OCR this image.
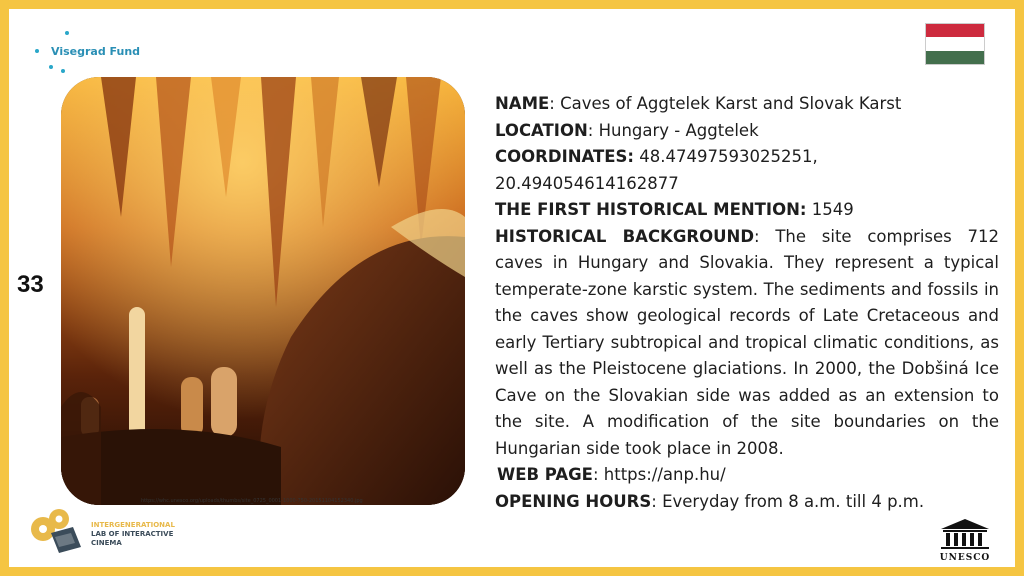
Visegrad Fund
33
https://whc.unesco.org/uploads/thumbs/site_0725_0001-1000-750-20151104152340.jpg

NAME: Caves of Aggtelek Karst and Slovak Karst

LOCATION: Hungary - Aggtelek

COORDINATES: 48.47497593025251, 20.494054614162877

THE FIRST HISTORICAL MENTION: 1549

HISTORICAL BACKGROUND: The site comprises 712 caves in Hungary and Slovakia. They represent a typical temperate-zone karstic system. The sediments and fossils in the caves show geological records of Late Cretaceous and early Tertiary subtropical and tropical climatic conditions, as well as the Pleistocene glaciations. In 2000, the Dobšiná Ice Cave on the Slovakian side was added as an extension to the site. A modification of the site boundaries on the Hungarian side took place in 2008.

WEB PAGE: https://anp.hu/

OPENING HOURS: Everyday from 8 a.m. till 4 p.m.

INTERGENERATIONAL
LAB OF INTERACTIVE
CINEMA
UNESCO
